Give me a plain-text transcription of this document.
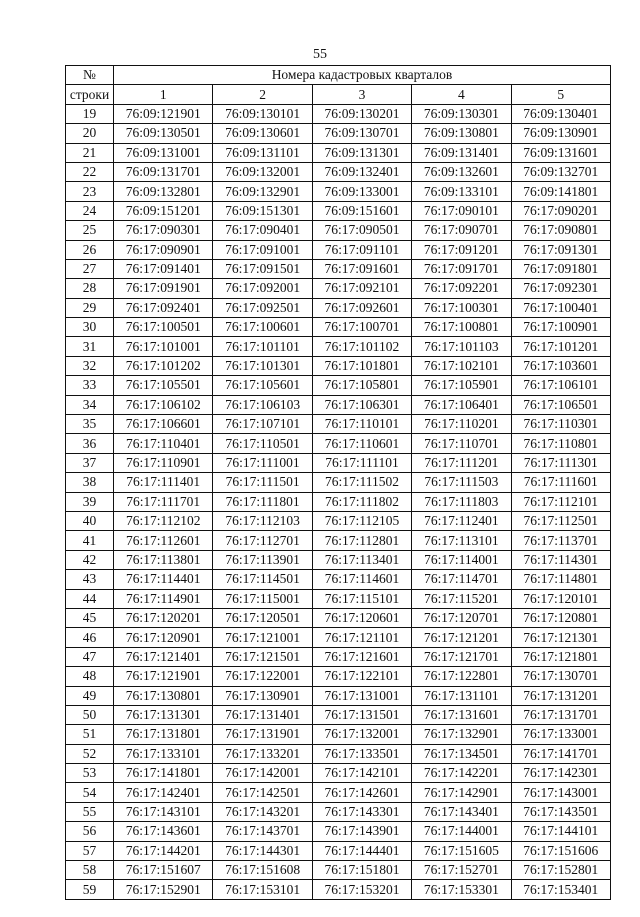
55
№	Номера кадастровых кварталов				
строки	1	2	3	4	5
19	76:09:121901	76:09:130101	76:09:130201	76:09:130301	76:09:130401
20	76:09:130501	76:09:130601	76:09:130701	76:09:130801	76:09:130901
21	76:09:131001	76:09:131101	76:09:131301	76:09:131401	76:09:131601
22	76:09:131701	76:09:132001	76:09:132401	76:09:132601	76:09:132701
23	76:09:132801	76:09:132901	76:09:133001	76:09:133101	76:09:141801
24	76:09:151201	76:09:151301	76:09:151601	76:17:090101	76:17:090201
25	76:17:090301	76:17:090401	76:17:090501	76:17:090701	76:17:090801
26	76:17:090901	76:17:091001	76:17:091101	76:17:091201	76:17:091301
27	76:17:091401	76:17:091501	76:17:091601	76:17:091701	76:17:091801
28	76:17:091901	76:17:092001	76:17:092101	76:17:092201	76:17:092301
29	76:17:092401	76:17:092501	76:17:092601	76:17:100301	76:17:100401
30	76:17:100501	76:17:100601	76:17:100701	76:17:100801	76:17:100901
31	76:17:101001	76:17:101101	76:17:101102	76:17:101103	76:17:101201
32	76:17:101202	76:17:101301	76:17:101801	76:17:102101	76:17:103601
33	76:17:105501	76:17:105601	76:17:105801	76:17:105901	76:17:106101
34	76:17:106102	76:17:106103	76:17:106301	76:17:106401	76:17:106501
35	76:17:106601	76:17:107101	76:17:110101	76:17:110201	76:17:110301
36	76:17:110401	76:17:110501	76:17:110601	76:17:110701	76:17:110801
37	76:17:110901	76:17:111001	76:17:111101	76:17:111201	76:17:111301
38	76:17:111401	76:17:111501	76:17:111502	76:17:111503	76:17:111601
39	76:17:111701	76:17:111801	76:17:111802	76:17:111803	76:17:112101
40	76:17:112102	76:17:112103	76:17:112105	76:17:112401	76:17:112501
41	76:17:112601	76:17:112701	76:17:112801	76:17:113101	76:17:113701
42	76:17:113801	76:17:113901	76:17:113401	76:17:114001	76:17:114301
43	76:17:114401	76:17:114501	76:17:114601	76:17:114701	76:17:114801
44	76:17:114901	76:17:115001	76:17:115101	76:17:115201	76:17:120101
45	76:17:120201	76:17:120501	76:17:120601	76:17:120701	76:17:120801
46	76:17:120901	76:17:121001	76:17:121101	76:17:121201	76:17:121301
47	76:17:121401	76:17:121501	76:17:121601	76:17:121701	76:17:121801
48	76:17:121901	76:17:122001	76:17:122101	76:17:122801	76:17:130701
49	76:17:130801	76:17:130901	76:17:131001	76:17:131101	76:17:131201
50	76:17:131301	76:17:131401	76:17:131501	76:17:131601	76:17:131701
51	76:17:131801	76:17:131901	76:17:132001	76:17:132901	76:17:133001
52	76:17:133101	76:17:133201	76:17:133501	76:17:134501	76:17:141701
53	76:17:141801	76:17:142001	76:17:142101	76:17:142201	76:17:142301
54	76:17:142401	76:17:142501	76:17:142601	76:17:142901	76:17:143001
55	76:17:143101	76:17:143201	76:17:143301	76:17:143401	76:17:143501
56	76:17:143601	76:17:143701	76:17:143901	76:17:144001	76:17:144101
57	76:17:144201	76:17:144301	76:17:144401	76:17:151605	76:17:151606
58	76:17:151607	76:17:151608	76:17:151801	76:17:152701	76:17:152801
59	76:17:152901	76:17:153101	76:17:153201	76:17:153301	76:17:153401
